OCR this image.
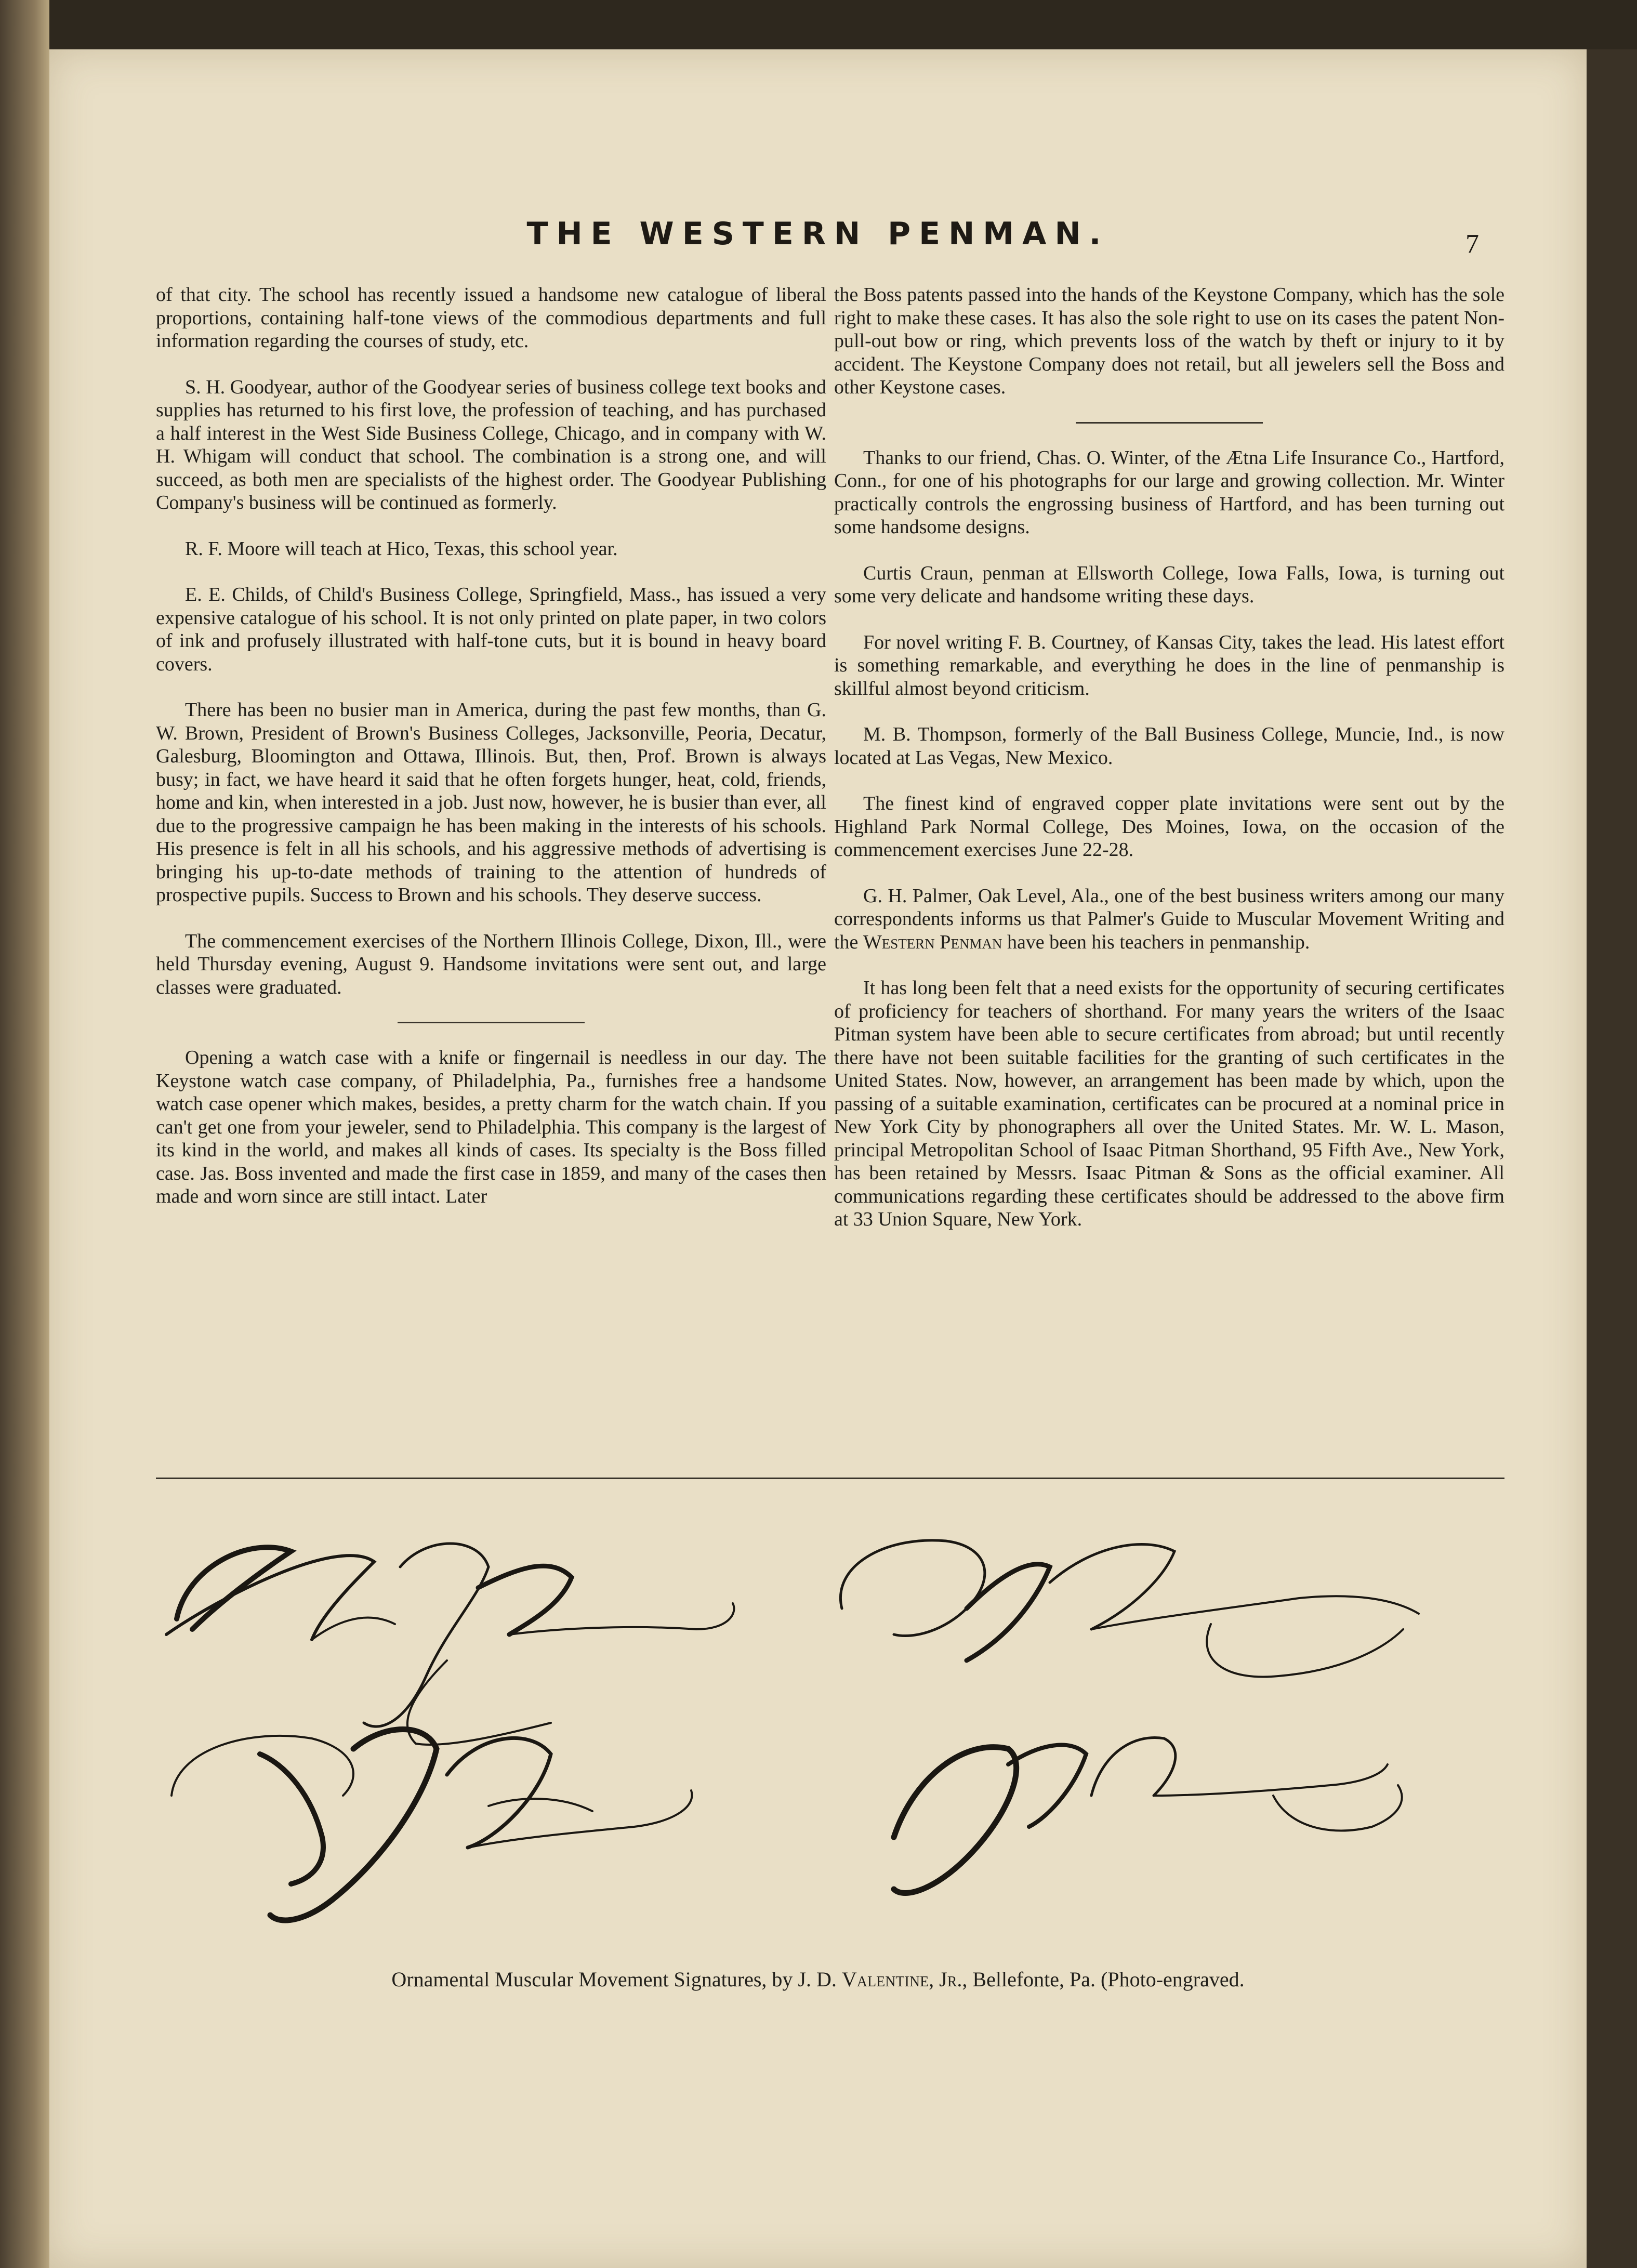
THE WESTERN PENMAN.	7

of that city. The school has recently issued a handsome new catalogue of liberal proportions, containing half-tone views of the commodious departments and full information regarding the courses of study, etc.

S. H. Goodyear, author of the Goodyear series of business college text books and supplies has returned to his first love, the profession of teaching, and has purchased a half interest in the West Side Business College, Chicago, and in company with W. H. Whigam will conduct that school. The combination is a strong one, and will succeed, as both men are specialists of the highest order. The Goodyear Publishing Company's business will be continued as formerly.

R. F. Moore will teach at Hico, Texas, this school year.

E. E. Childs, of Child's Business College, Springfield, Mass., has issued a very expensive catalogue of his school. It is not only printed on plate paper, in two colors of ink and profusely illustrated with half-tone cuts, but it is bound in heavy board covers.

There has been no busier man in America, during the past few months, than G. W. Brown, President of Brown's Business Colleges, Jacksonville, Peoria, Decatur, Galesburg, Bloomington and Ottawa, Illinois. But, then, Prof. Brown is always busy; in fact, we have heard it said that he often forgets hunger, heat, cold, friends, home and kin, when interested in a job. Just now, however, he is busier than ever, all due to the progressive campaign he has been making in the interests of his schools. His presence is felt in all his schools, and his aggressive methods of advertising is bringing his up-to-date methods of training to the attention of hundreds of prospective pupils. Success to Brown and his schools. They deserve success.

The commencement exercises of the Northern Illinois College, Dixon, Ill., were held Thursday evening, August 9. Handsome invitations were sent out, and large classes were graduated.

Opening a watch case with a knife or fingernail is needless in our day. The Keystone watch case company, of Philadelphia, Pa., furnishes free a handsome watch case opener which makes, besides, a pretty charm for the watch chain. If you can't get one from your jeweler, send to Philadelphia. This company is the largest of its kind in the world, and makes all kinds of cases. Its specialty is the Boss filled case. Jas. Boss invented and made the first case in 1859, and many of the cases then made and worn since are still intact. Later

the Boss patents passed into the hands of the Keystone Company, which has the sole right to make these cases. It has also the sole right to use on its cases the patent Non-pull-out bow or ring, which prevents loss of the watch by theft or injury to it by accident. The Keystone Company does not retail, but all jewelers sell the Boss and other Keystone cases.

Thanks to our friend, Chas. O. Winter, of the Ætna Life Insurance Co., Hartford, Conn., for one of his photographs for our large and growing collection. Mr. Winter practically controls the engrossing business of Hartford, and has been turning out some handsome designs.

Curtis Craun, penman at Ellsworth College, Iowa Falls, Iowa, is turning out some very delicate and handsome writing these days.

For novel writing F. B. Courtney, of Kansas City, takes the lead. His latest effort is something remarkable, and everything he does in the line of penmanship is skillful almost beyond criticism.

M. B. Thompson, formerly of the Ball Business College, Muncie, Ind., is now located at Las Vegas, New Mexico.

The finest kind of engraved copper plate invitations were sent out by the Highland Park Normal College, Des Moines, Iowa, on the occasion of the commencement exercises June 22-28.

G. H. Palmer, Oak Level, Ala., one of the best business writers among our many correspondents informs us that Palmer's Guide to Muscular Movement Writing and the Western Penman have been his teachers in penmanship.

It has long been felt that a need exists for the opportunity of securing certificates of proficiency for teachers of shorthand. For many years the writers of the Isaac Pitman system have been able to secure certificates from abroad; but until recently there have not been suitable facilities for the granting of such certificates in the United States. Now, however, an arrangement has been made by which, upon the passing of a suitable examination, certificates can be procured at a nominal price in New York City by phonographers all over the United States. Mr. W. L. Mason, principal Metropolitan School of Isaac Pitman Shorthand, 95 Fifth Ave., New York, has been retained by Messrs. Isaac Pitman & Sons as the official examiner. All communications regarding these certificates should be addressed to the above firm at 33 Union Square, New York.

Ornamental Muscular Movement Signatures, by J. D. Valentine, Jr., Bellefonte, Pa. (Photo-engraved.
